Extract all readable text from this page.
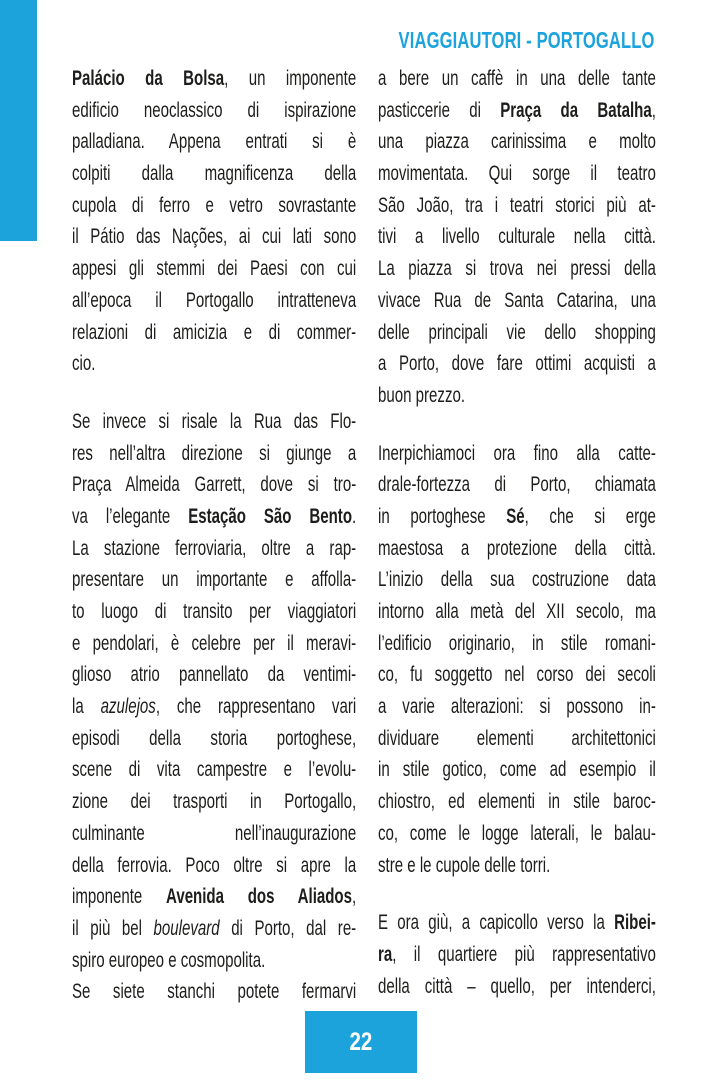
VIAGGIAUTORI - PORTOGALLO
Palácio da Bolsa, un imponente
edificio neoclassico di ispirazione
palladiana. Appena entrati si è
colpiti dalla magnificenza della
cupola di ferro e vetro sovrastante
il Pátio das Nações, ai cui lati sono
appesi gli stemmi dei Paesi con cui
all’epoca il Portogallo intratteneva
relazioni di amicizia e di commer-
cio.
Se invece si risale la Rua das Flo-
res nell’altra direzione si giunge a
Praça Almeida Garrett, dove si tro-
va l’elegante Estação São Bento.
La stazione ferroviaria, oltre a rap-
presentare un importante e affolla-
to luogo di transito per viaggiatori
e pendolari, è celebre per il meravi-
glioso atrio pannellato da ventimi-
la azulejos, che rappresentano vari
episodi della storia portoghese,
scene di vita campestre e l’evolu-
zione dei trasporti in Portogallo,
culminante nell’inaugurazione
della ferrovia. Poco oltre si apre la
imponente Avenida dos Aliados,
il più bel boulevard di Porto, dal re-
spiro europeo e cosmopolita.
Se siete stanchi potete fermarvi
a bere un caffè in una delle tante
pasticcerie di Praça da Batalha,
una piazza carinissima e molto
movimentata. Qui sorge il teatro
São João, tra i teatri storici più at-
tivi a livello culturale nella città.
La piazza si trova nei pressi della
vivace Rua de Santa Catarina, una
delle principali vie dello shopping
a Porto, dove fare ottimi acquisti a
buon prezzo.
Inerpichiamoci ora fino alla catte-
drale-fortezza di Porto, chiamata
in portoghese Sé, che si erge
maestosa a protezione della città.
L’inizio della sua costruzione data
intorno alla metà del XII secolo, ma
l’edificio originario, in stile romani-
co, fu soggetto nel corso dei secoli
a varie alterazioni: si possono in-
dividuare elementi architettonici
in stile gotico, come ad esempio il
chiostro, ed elementi in stile baroc-
co, come le logge laterali, le balau-
stre e le cupole delle torri.
E ora giù, a capicollo verso la Ribei-
ra, il quartiere più rappresentativo
della città – quello, per intenderci,
22
